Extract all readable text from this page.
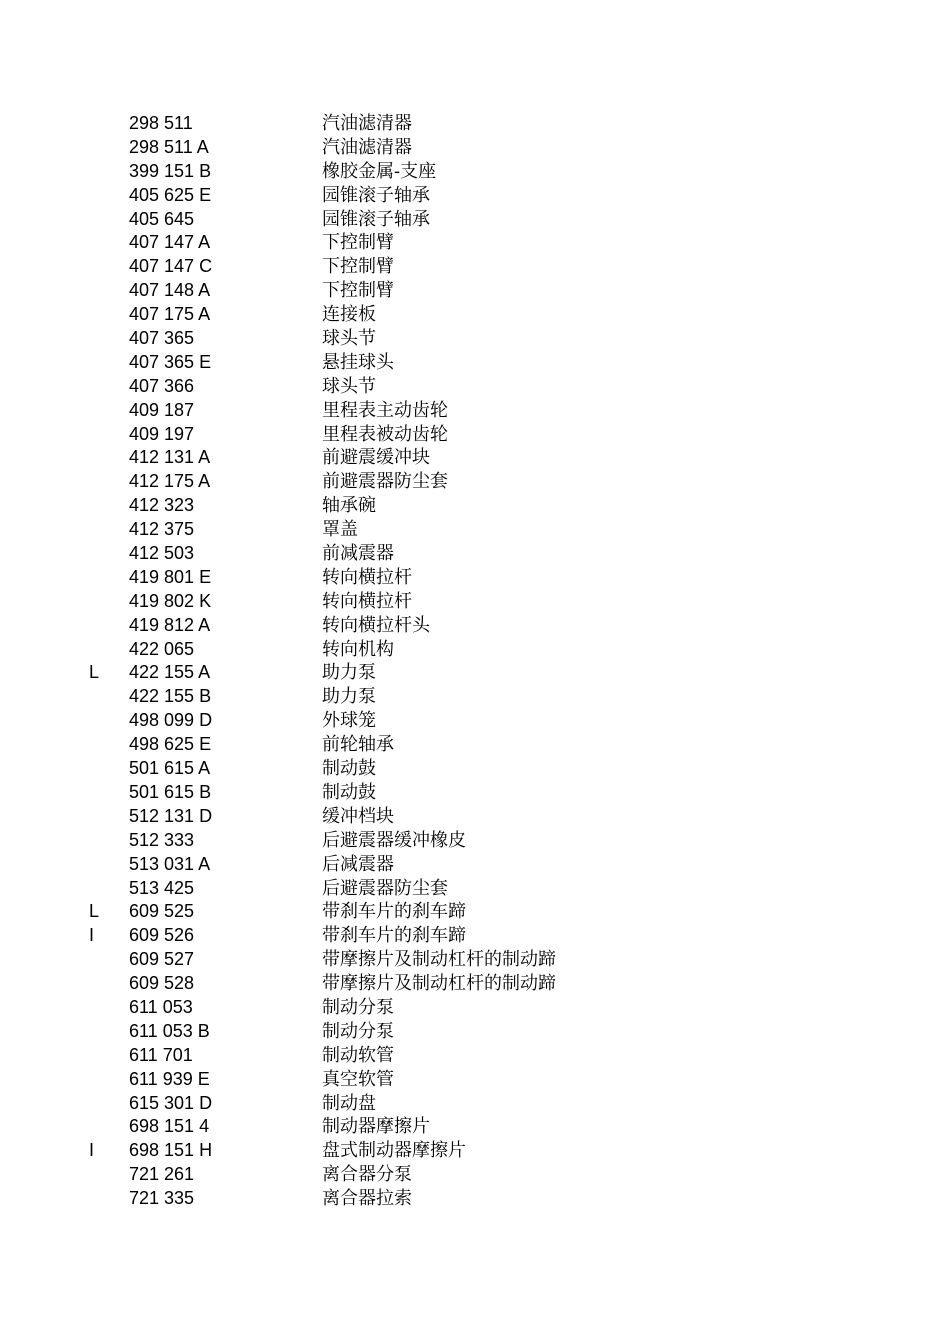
298 511	汽油滤清器
298 511 A	汽油滤清器
399 151 B	橡胶金属-支座
405 625 E	园锥滚子轴承
405 645	园锥滚子轴承
407 147 A	下控制臂
407 147 C	下控制臂
407 148 A	下控制臂
407 175 A	连接板
407 365	球头节
407 365 E	悬挂球头
407 366	球头节
409 187	里程表主动齿轮
409 197	里程表被动齿轮
412 131 A	前避震缓冲块
412 175 A	前避震器防尘套
412 323	轴承碗
412 375	罩盖
412 503	前减震器
419 801 E	转向横拉杆
419 802 K	转向横拉杆
419 812 A	转向横拉杆头
422 065	转向机构
L 422 155 A	助力泵
422 155 B	助力泵
498 099 D	外球笼
498 625 E	前轮轴承
501 615 A	制动鼓
501 615 B	制动鼓
512 131 D	缓冲档块
512 333	后避震器缓冲橡皮
513 031 A	后减震器
513 425	后避震器防尘套
L 609 525	带刹车片的刹车蹄
I 609 526	带刹车片的刹车蹄
609 527	带摩擦片及制动杠杆的制动蹄
609 528	带摩擦片及制动杠杆的制动蹄
611 053	制动分泵
611 053 B	制动分泵
611 701	制动软管
611 939 E	真空软管
615 301 D	制动盘
698 151 4	制动器摩擦片
I 698 151 H	盘式制动器摩擦片
721 261	离合器分泵
721 335	离合器拉索
